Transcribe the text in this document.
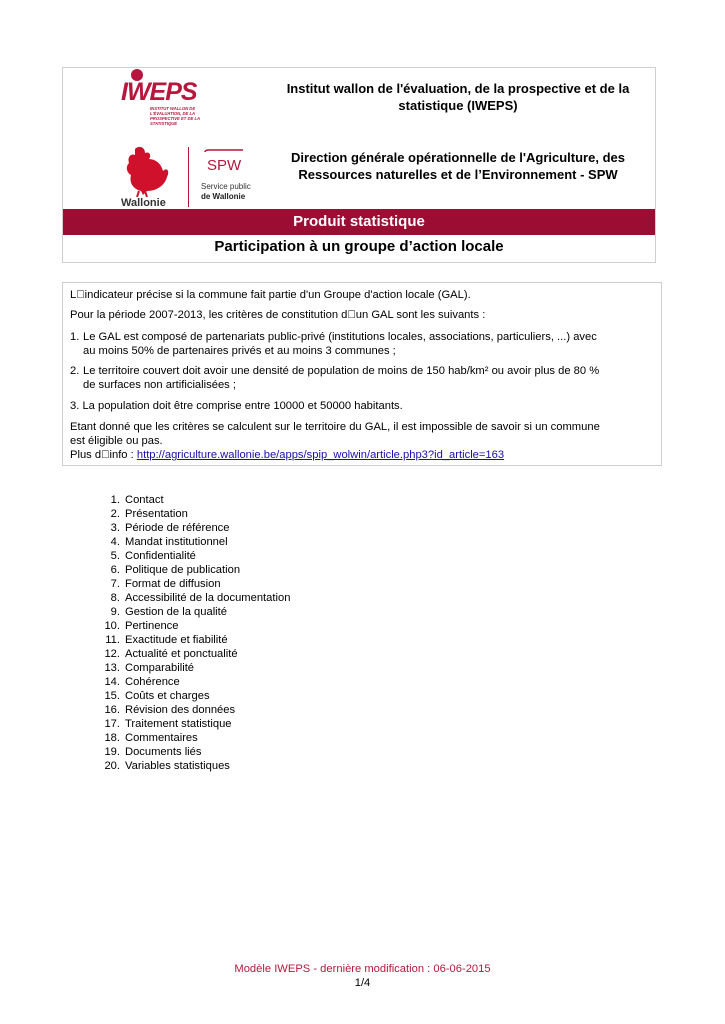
IWEPS
INSTITUT WALLON DE L'ÉVALUATION, DE LA PROSPECTIVE ET DE LA STATISTIQUE
Wallonie
SPW
Service public
de Wallonie
Institut wallon de l'évaluation, de la prospective et de la statistique (IWEPS)
Direction générale opérationnelle de l'Agriculture, des Ressources naturelles et de l’Environnement - SPW
Produit statistique
Participation à un groupe d’action locale

L indicateur précise si la commune fait partie d'un Groupe d'action locale (GAL).

Pour la période 2007-2013, les critères de constitution d un GAL sont les suivants :

1. Le GAL est composé de partenariats public-privé (institutions locales, associations, particuliers, ...) avec
au moins 50% de partenaires privés et au moins 3 communes ;
2. Le territoire couvert doit avoir une densité de population de moins de 150 hab/km² ou avoir plus de 80 %
de surfaces non artificialisées ;

3. La population doit être comprise entre 10000 et 50000 habitants.

Etant donné que les critères se calculent sur le territoire du GAL, il est impossible de savoir si un commune

est éligible ou pas.

Plus d info : http://agriculture.wallonie.be/apps/spip_wolwin/article.php3?id_article=163

1. Contact
2. Présentation
3. Période de référence
4. Mandat institutionnel
5. Confidentialité
6. Politique de publication
7. Format de diffusion
8. Accessibilité de la documentation
9. Gestion de la qualité
10. Pertinence
11. Exactitude et fiabilité
12. Actualité et ponctualité
13. Comparabilité
14. Cohérence
15. Coûts et charges
16. Révision des données
17. Traitement statistique
18. Commentaires
19. Documents liés
20. Variables statistiques
Modèle IWEPS - dernière modification : 06-06-2015
1/4
